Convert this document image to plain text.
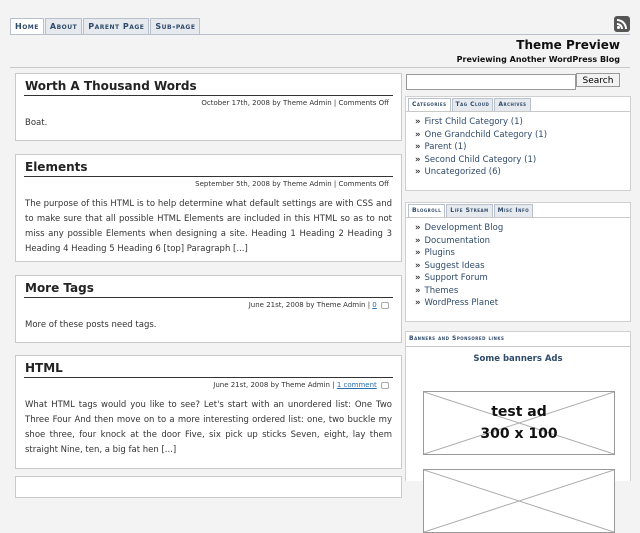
Home	About	Parent Page	Sub-page
Theme Preview
Previewing Another WordPress Blog
Worth A Thousand Words
October 17th, 2008 by Theme Admin | Comments Off
Boat.
Elements
September 5th, 2008 by Theme Admin | Comments Off
The purpose of this HTML is to help determine what default settings are with CSS and to make sure that all possible HTML Elements are included in this HTML so as to not miss any possible Elements when designing a site. Heading 1 Heading 2 Heading 3 Heading 4 Heading 5 Heading 6 [top] Paragraph [...]
More Tags
June 21st, 2008 by Theme Admin | 0
More of these posts need tags.
HTML
June 21st, 2008 by Theme Admin | 1 comment
What HTML tags would you like to see? Let's start with an unordered list: One Two Three Four And then move on to a more interesting ordered list: one, two buckle my shoe three, four knock at the door Five, six pick up sticks Seven, eight, lay them straight Nine, ten, a big fat hen [...]
Search
Categories	Tag Cloud	Archives
» First Child Category (1)
» One Grandchild Category (1)
» Parent (1)
» Second Child Category (1)
» Uncategorized (6)
Blogroll	Life Stream	Misc Info
» Development Blog
» Documentation
» Plugins
» Suggest Ideas
» Support Forum
» Themes
» WordPress Planet
Banners and Sponsored links
Some banners Ads
test ad
300 x 100
